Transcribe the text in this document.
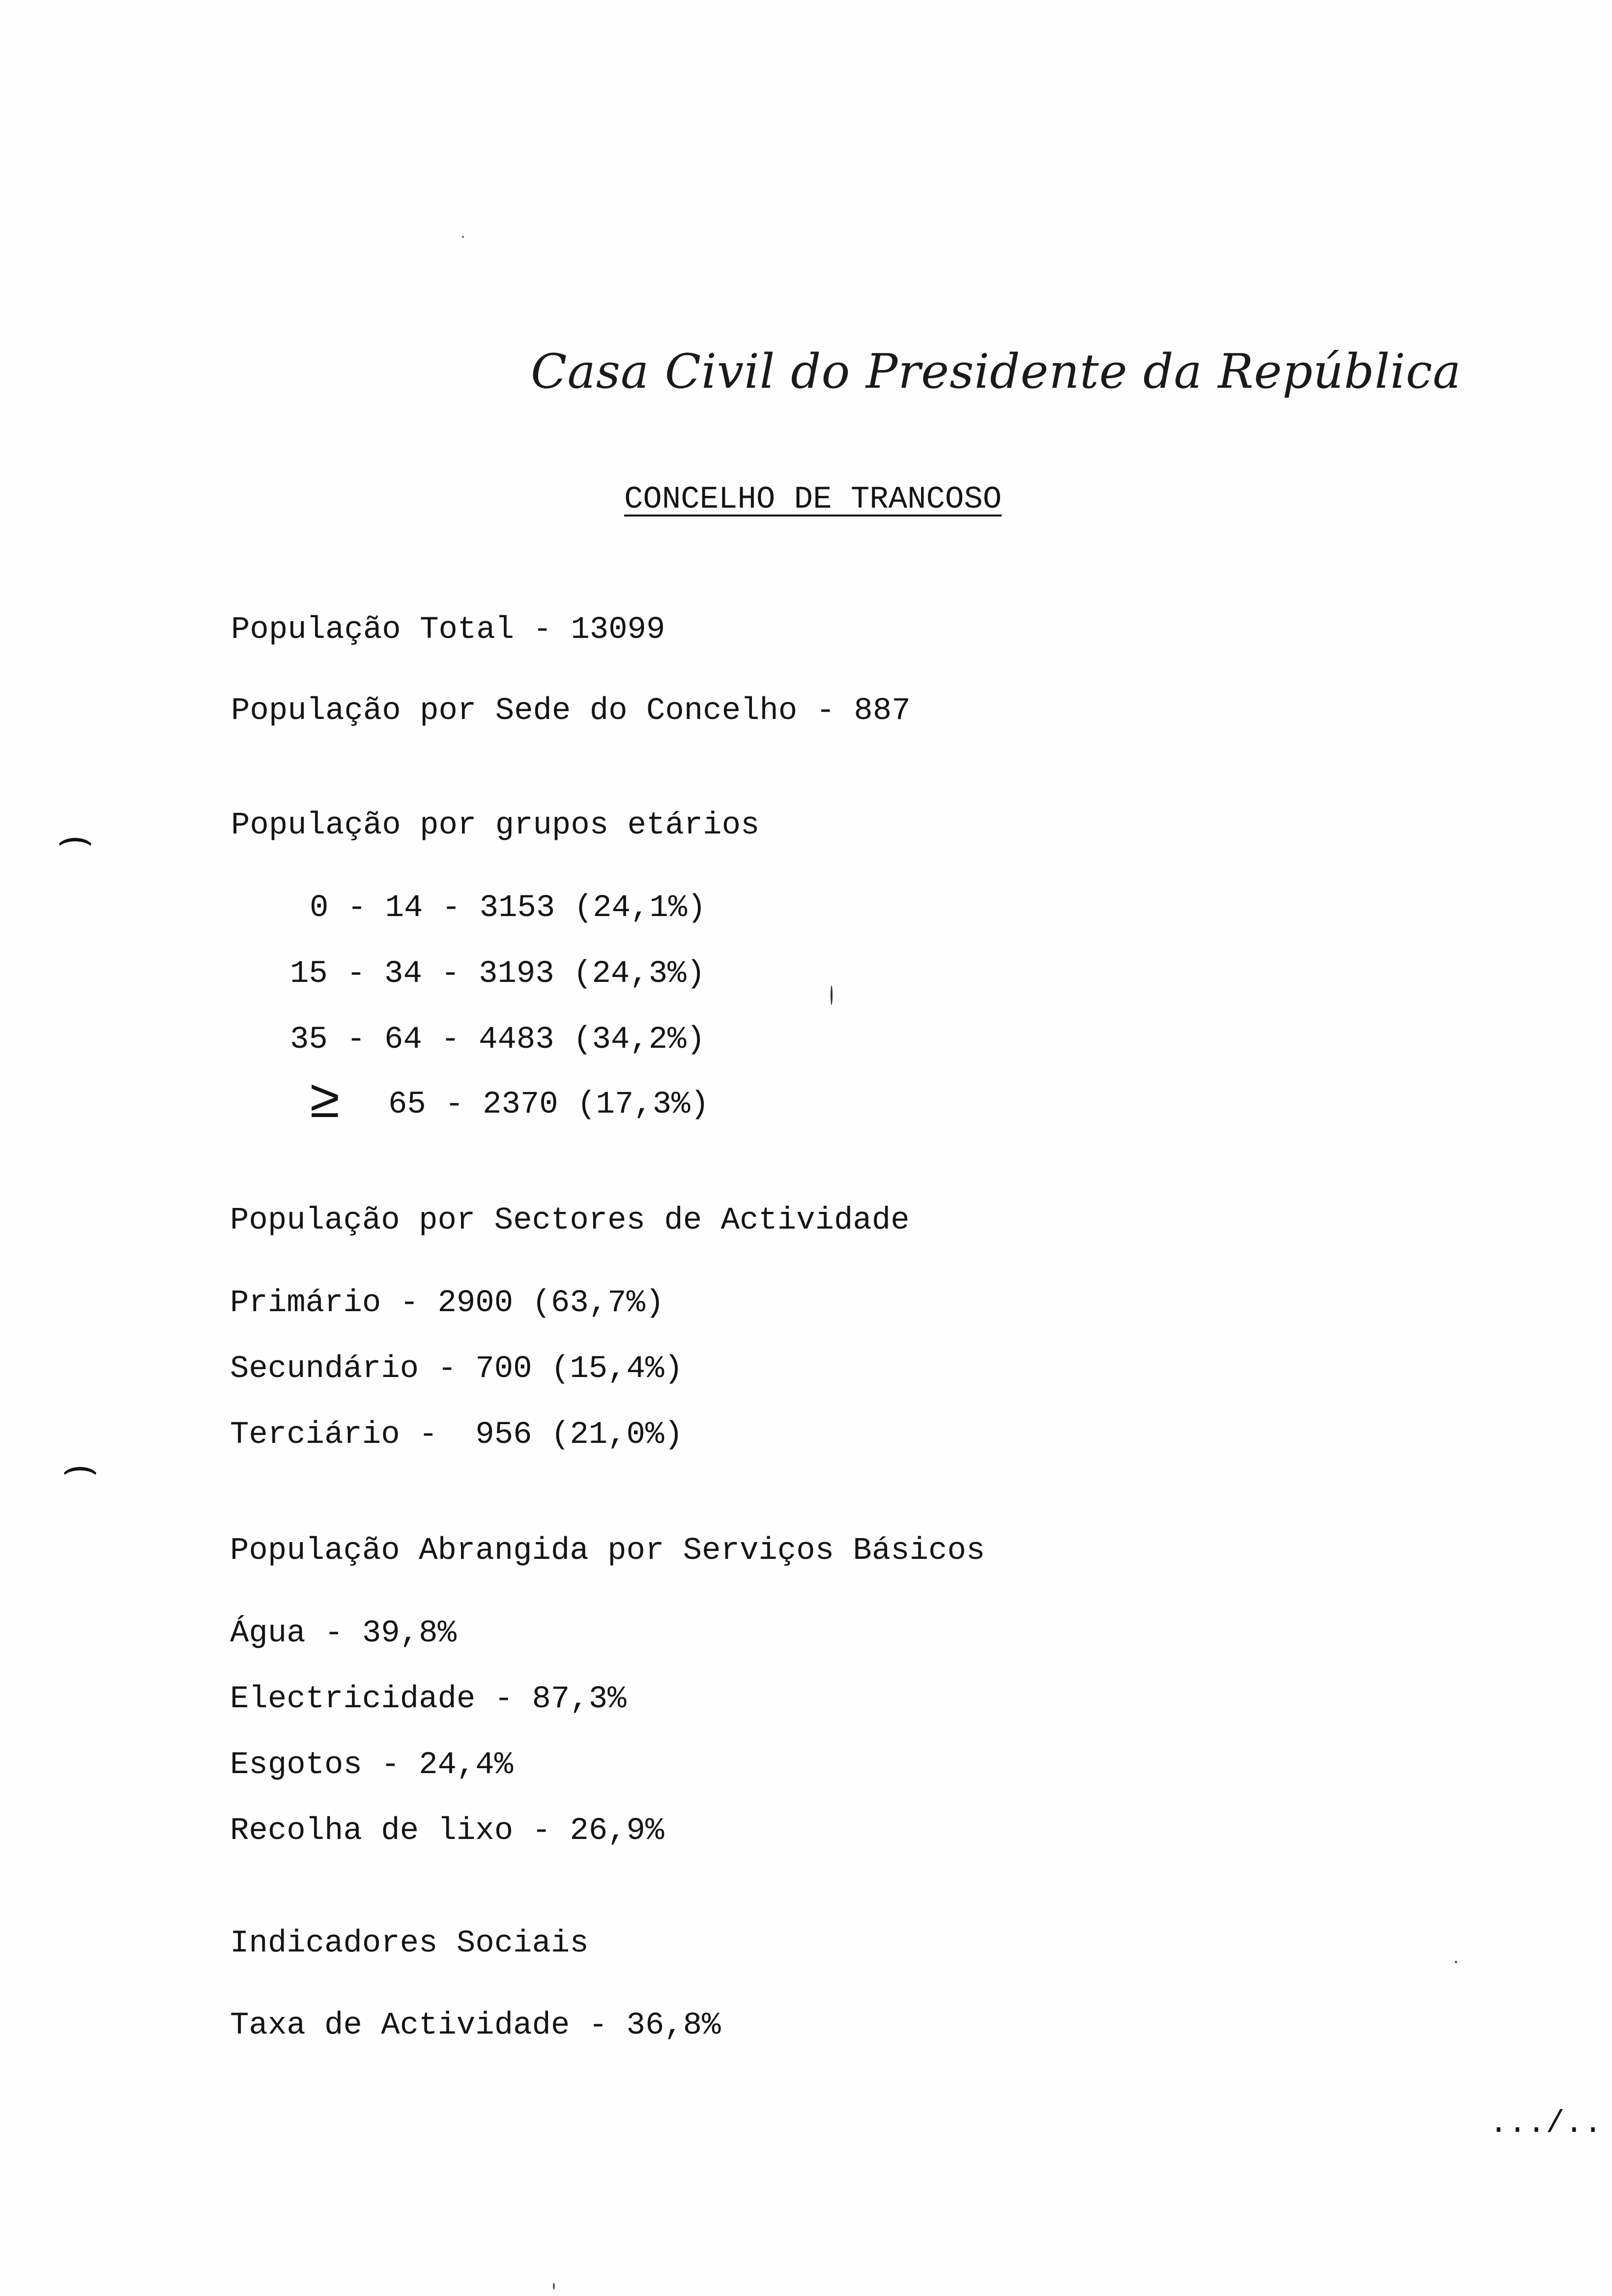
Casa Civil do Presidente da República
CONCELHO DE TRANCOSO
População Total - 13099
População por Sede do Concelho - 887
População por grupos etários
0 - 14 - 3153 (24,1%)
15 - 34 - 3193 (24,3%)
35 - 64 - 4483 (34,2%)
≥ 65 - 2370 (17,3%)
População por Sectores de Actividade
Primário - 2900 (63,7%)
Secundário - 700 (15,4%)
Terciário -  956 (21,0%)
População Abrangida por Serviços Básicos
Água - 39,8%
Electricidade - 87,3%
Esgotos - 24,4%
Recolha de lixo - 26,9%
Indicadores Sociais
Taxa de Actividade - 36,8%
.../..
